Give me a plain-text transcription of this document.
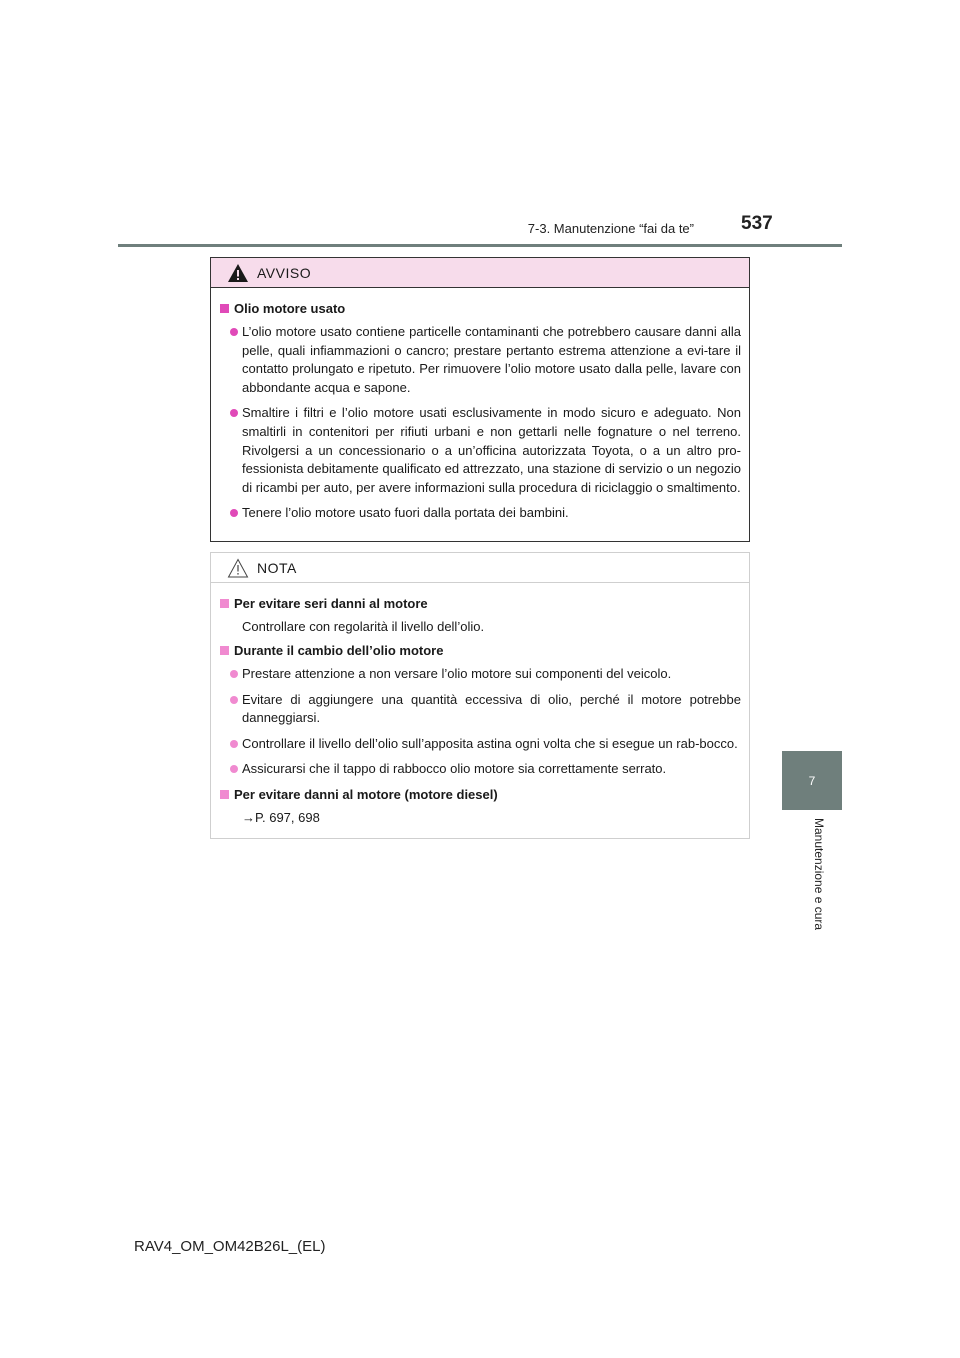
7-3. Manutenzione “fai da te” 537
7
Manutenzione e cura
AVVISO
Olio motore usato
L’olio motore usato contiene particelle contaminanti che potrebbero causare danni alla pelle, quali infiammazioni o cancro; prestare pertanto estrema attenzione a evi-tare il contatto prolungato e ripetuto. Per rimuovere l’olio motore usato dalla pelle, lavare con abbondante acqua e sapone.
Smaltire i filtri e l’olio motore usati esclusivamente in modo sicuro e adeguato. Non smaltirli in contenitori per rifiuti urbani e non gettarli nelle fognature o nel terreno. Rivolgersi a un concessionario o a un’officina autorizzata Toyota, o a un altro pro-fessionista debitamente qualificato ed attrezzato, una stazione di servizio o un negozio di ricambi per auto, per avere informazioni sulla procedura di riciclaggio o smaltimento.
Tenere l’olio motore usato fuori dalla portata dei bambini.
NOTA
Per evitare seri danni al motore
Controllare con regolarità il livello dell’olio.
Durante il cambio dell’olio motore
Prestare attenzione a non versare l’olio motore sui componenti del veicolo.
Evitare di aggiungere una quantità eccessiva di olio, perché il motore potrebbe danneggiarsi.
Controllare il livello dell’olio sull’apposita astina ogni volta che si esegue un rab-bocco.
Assicurarsi che il tappo di rabbocco olio motore sia correttamente serrato.
Per evitare danni al motore (motore diesel)
→P. 697, 698
RAV4_OM_OM42B26L_(EL)
